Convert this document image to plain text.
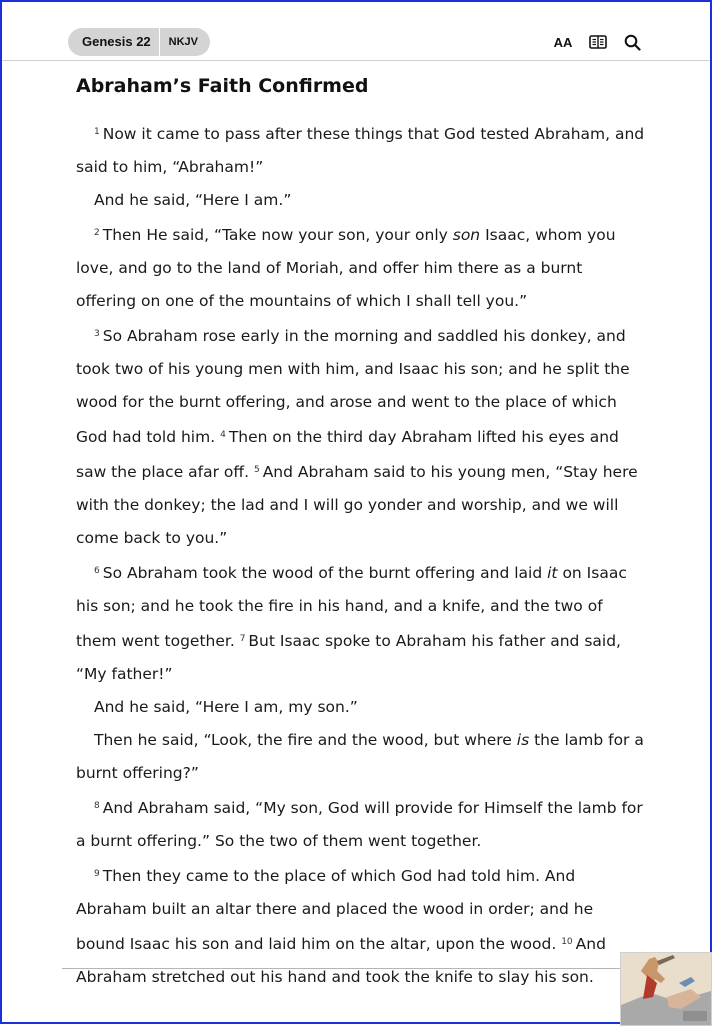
Genesis 22	NKJV	AA
Abraham’s Faith Confirmed

$^1$ Now it came to pass after these things that God tested Abraham, and said to him, “Abraham!”

And he said, “Here I am.”

$^2$ Then He said, “Take now your son, your only son Isaac, whom you love, and go to the land of Moriah, and offer him there as a burnt offering on one of the mountains of which I shall tell you.”

$^3$ So Abraham rose early in the morning and saddled his donkey, and took two of his young men with him, and Isaac his son; and he split the wood for the burnt offering, and arose and went to the place of which God had told him. $^4$ Then on the third day Abraham lifted his eyes and saw the place afar off. $^5$ And Abraham said to his young men, “Stay here with the donkey; the lad and I will go yonder and worship, and we will come back to you.”

$^6$ So Abraham took the wood of the burnt offering and laid it on Isaac his son; and he took the fire in his hand, and a knife, and the two of them went together. $^7$ But Isaac spoke to Abraham his father and said, “My father!”

And he said, “Here I am, my son.”

Then he said, “Look, the fire and the wood, but where is the lamb for a burnt offering?”

$^8$ And Abraham said, “My son, God will provide for Himself the lamb for a burnt offering.” So the two of them went together.

$^9$ Then they came to the place of which God had told him. And Abraham built an altar there and placed the wood in order; and he bound Isaac his son and laid him on the altar, upon the wood. $^{10}$ And Abraham stretched out his hand and took the knife to slay his son.
